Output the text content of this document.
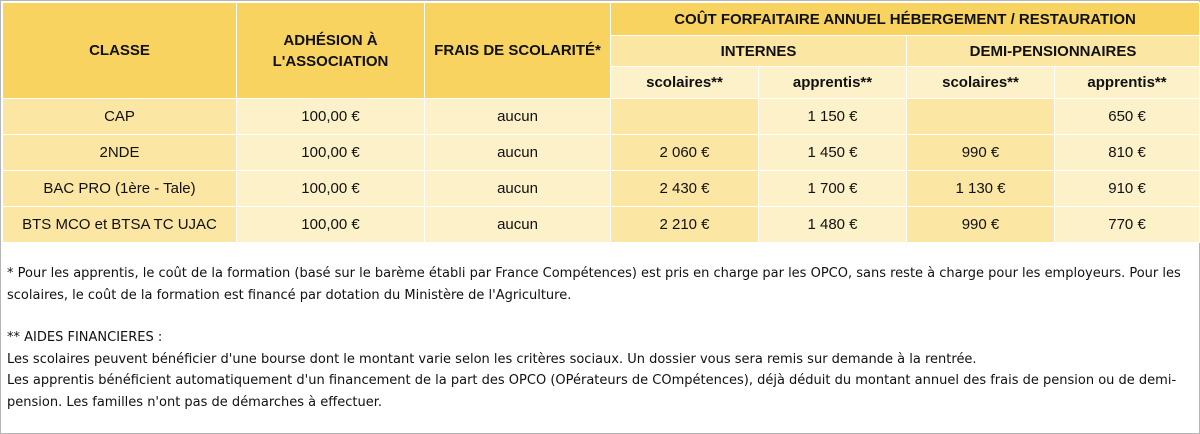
CLASSE	ADHÉSION À L'ASSOCIATION	FRAIS DE SCOLARITÉ*	COÛT FORFAITAIRE ANNUEL HÉBERGEMENT / RESTAURATION			
			INTERNES		DEMI-PENSIONNAIRES	
			scolaires**	apprentis**	scolaires**	apprentis**
CAP	100,00 €	aucun		1 150 €		650 €
2NDE	100,00 €	aucun	2 060 €	1 450 €	990 €	810 €
BAC PRO (1ère - Tale)	100,00 €	aucun	2 430 €	1 700 €	1 130 €	910 €
BTS MCO et BTSA TC UJAC	100,00 €	aucun	2 210 €	1 480 €	990 €	770 €

* Pour les apprentis, le coût de la formation (basé sur le barème établi par France Compétences) est pris en charge par les OPCO, sans reste à charge pour les employeurs. Pour les scolaires, le coût de la formation est financé par dotation du Ministère de l'Agriculture.

** AIDES FINANCIERES :

Les scolaires peuvent bénéficier d'une bourse dont le montant varie selon les critères sociaux. Un dossier vous sera remis sur demande à la rentrée.

Les apprentis bénéficient automatiquement d'un financement de la part des OPCO (OPérateurs de COmpétences), déjà déduit du montant annuel des frais de pension ou de demi-pension. Les familles n'ont pas de démarches à effectuer.
